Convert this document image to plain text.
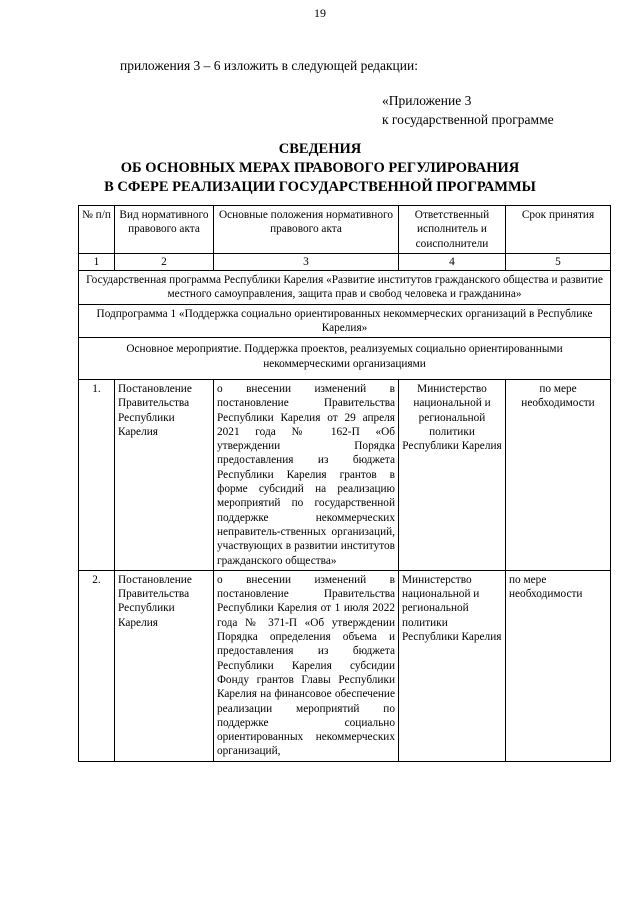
19
приложения 3 – 6 изложить в следующей редакции:
«Приложение 3
к государственной программе
СВЕДЕНИЯ
ОБ ОСНОВНЫХ МЕРАХ ПРАВОВОГО РЕГУЛИРОВАНИЯ
В СФЕРЕ РЕАЛИЗАЦИИ ГОСУДАРСТВЕННОЙ ПРОГРАММЫ
№ п/п	Вид нормативного правового акта	Основные положения нормативного правового акта	Ответственный исполнитель и соисполнители	Срок принятия
1	2	3	4	5
Государственная программа Республики Карелия «Развитие институтов гражданского общества и развитие местного самоуправления, защита прав и свобод человека и гражданина»				
Подпрограмма 1 «Поддержка социально ориентированных некоммерческих организаций в Республике Карелия»				
Основное мероприятие. Поддержка проектов, реализуемых социально ориентированными некоммерческими организациями				
1.	Постановление Правительства Республики Карелия	о внесении изменений в постановление Правительства Республики Карелия от 29 апреля 2021 года № 162-П «Об утверждении Порядка предоставления из бюджета Республики Карелия грантов в форме субсидий на реализацию мероприятий по государственной поддержке некоммерческих неправитель-ственных организаций, участвующих в развитии институтов гражданского общества»	Министерство национальной и региональной политики Республики Карелия	по мере необходимости
2.	Постановление Правительства Республики Карелия	о внесении изменений в постановление Правительства Республики Карелия от 1 июля 2022 года № 371-П «Об утверждении Порядка определения объема и предоставления из бюджета Республики Карелия субсидии Фонду грантов Главы Республики Карелия на финансовое обеспечение реализации мероприятий по поддержке социально ориентированных некоммерческих организаций,	Министерство национальной и региональной политики Республики Карелия	по мере необходимости
